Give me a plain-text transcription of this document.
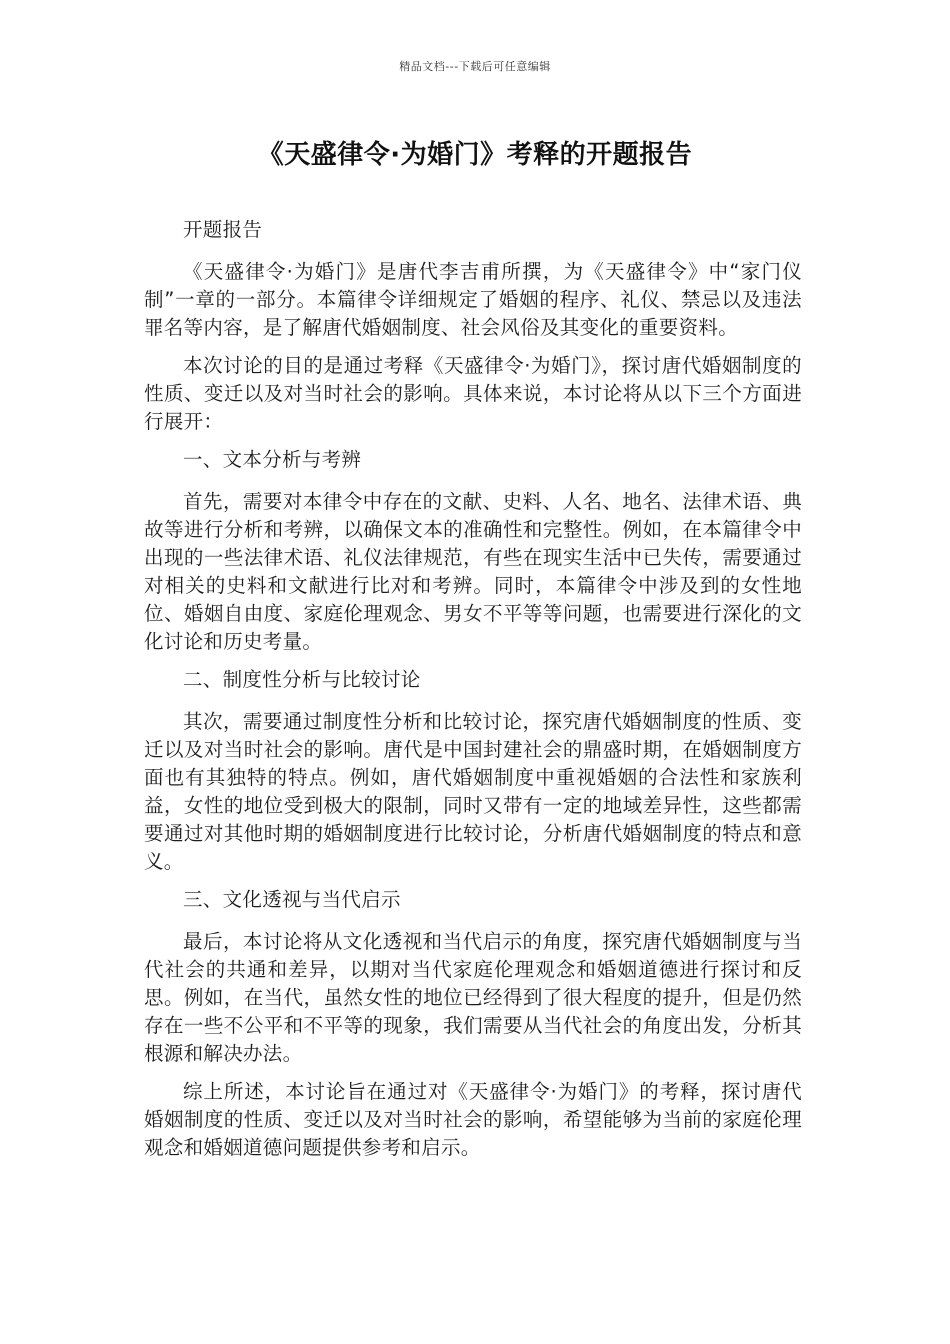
精品文档---下载后可任意编辑
《天盛律令·为婚门》考释的开题报告

开题报告

《天盛律令·为婚门》是唐代李吉甫所撰，为《天盛律令》中“家门仪制”一章的一部分。本篇律令详细规定了婚姻的程序、礼仪、禁忌以及违法罪名等内容，是了解唐代婚姻制度、社会风俗及其变化的重要资料。

本次讨论的目的是通过考释《天盛律令·为婚门》，探讨唐代婚姻制度的性质、变迁以及对当时社会的影响。具体来说，本讨论将从以下三个方面进行展开：

一、文本分析与考辨

首先，需要对本律令中存在的文献、史料、人名、地名、法律术语、典故等进行分析和考辨，以确保文本的准确性和完整性。例如，在本篇律令中出现的一些法律术语、礼仪法律规范，有些在现实生活中已失传，需要通过对相关的史料和文献进行比对和考辨。同时，本篇律令中涉及到的女性地位、婚姻自由度、家庭伦理观念、男女不平等等问题，也需要进行深化的文化讨论和历史考量。

二、制度性分析与比较讨论

其次，需要通过制度性分析和比较讨论，探究唐代婚姻制度的性质、变迁以及对当时社会的影响。唐代是中国封建社会的鼎盛时期，在婚姻制度方面也有其独特的特点。例如，唐代婚姻制度中重视婚姻的合法性和家族利益，女性的地位受到极大的限制，同时又带有一定的地域差异性，这些都需要通过对其他时期的婚姻制度进行比较讨论，分析唐代婚姻制度的特点和意义。

三、文化透视与当代启示

最后，本讨论将从文化透视和当代启示的角度，探究唐代婚姻制度与当代社会的共通和差异，以期对当代家庭伦理观念和婚姻道德进行探讨和反思。例如，在当代，虽然女性的地位已经得到了很大程度的提升，但是仍然存在一些不公平和不平等的现象，我们需要从当代社会的角度出发，分析其根源和解决办法。

综上所述，本讨论旨在通过对《天盛律令·为婚门》的考释，探讨唐代婚姻制度的性质、变迁以及对当时社会的影响，希望能够为当前的家庭伦理观念和婚姻道德问题提供参考和启示。
